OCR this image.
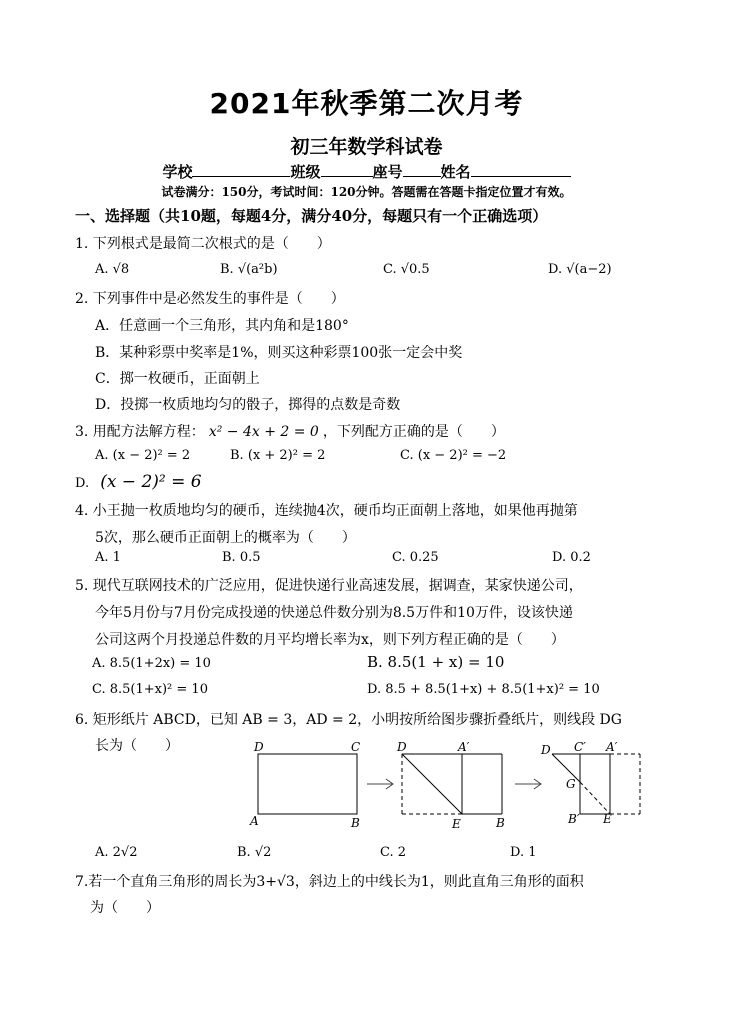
2021年秋季第二次月考
初三年数学科试卷
学校	班级	座号	姓名
试卷满分：150分，考试时间：120分钟。答题需在答题卡指定位置才有效。
一、选择题（共10题，每题4分，满分40分，每题只有一个正确选项）
1. 下列根式是最简二次根式的是（　　）
A. √8	B. √(a²b)	C. √0.5	D. √(a−2)
2. 下列事件中是必然发生的事件是（　　）
A．任意画一个三角形，其内角和是180°
B．某种彩票中奖率是1%，则买这种彩票100张一定会中奖
C．掷一枚硬币，正面朝上
D．投掷一枚质地均匀的骰子，掷得的点数是奇数
3. 用配方法解方程： x² − 4x + 2 = 0 ，下列配方正确的是（　　）
A. (x − 2)² = 2	B. (x + 2)² = 2	C. (x − 2)² = −2
D. (x − 2)² = 6
4. 小王抛一枚质地均匀的硬币，连续抛4次，硬币均正面朝上落地，如果他再抛第
5次，那么硬币正面朝上的概率为（　　）
A. 1	B. 0.5	C. 0.25	D. 0.2
5. 现代互联网技术的广泛应用，促进快递行业高速发展，据调查，某家快递公司，
今年5月份与7月份完成投递的快递总件数分别为8.5万件和10万件，设该快递
公司这两个月投递总件数的月平均增长率为x，则下列方程正确的是（　　）
A. 8.5(1+2x) = 10	B. 8.5(1 + x) = 10
C. 8.5(1+x)² = 10	D. 8.5 + 8.5(1+x) + 8.5(1+x)² = 10
6. 矩形纸片 ABCD，已知 AB = 3，AD = 2，小明按所给图步骤折叠纸片，则线段 DG
长为（　　）	D	C
A	B
D	A′
E	B
D C′ A′
G
B′ E
A. 2√2	B. √2	C. 2	D. 1
7.若一个直角三角形的周长为3+√3，斜边上的中线长为1，则此直角三角形的面积
为（　　）
